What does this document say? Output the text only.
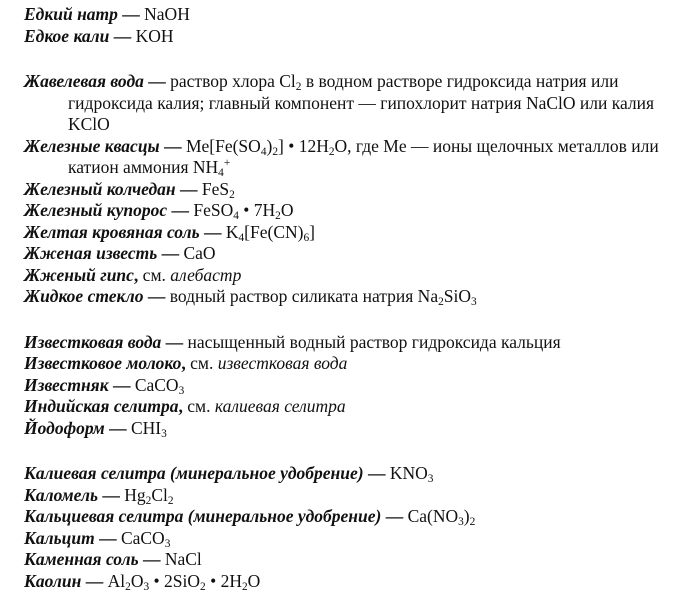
Едкий натр — NaOH
Едкое кали — KOH
Жавелевая вода — раствор хлора $Cl_2$ в водном растворе гидроксида натрия или гидроксида калия; главный компонент — гипохлорит натрия NaClO или калия KClO
Железные квасцы — $Me[Fe(SO_4)_2]$ • $12H_2O$, где Me — ионы щелочных металлов или катион аммония $NH_4^+$
Железный колчедан — FeS$_2$
Железный купорос — FeSO$_4$ • $7H_2O$
Желтая кровяная соль — $K_4[Fe(CN)_6]$
Жженая известь — CaO
Жженый гипс, см. алебастр
Жидкое стекло — водный раствор силиката натрия $Na_2SiO_3$
Известковая вода — насыщенный водный раствор гидроксида кальция
Известковое молоко, см. известковая вода
Известняк — CaCO$_3$
Индийская селитра, см. калиевая селитра
Йодоформ — $CHI_3$
Калиевая селитра (минеральное удобрение) — $KNO_3$
Каломель — $Hg_2Cl_2$
Кальциевая селитра (минеральное удобрение) — $Ca(NO_3)_2$
Кальцит — CaCO$_3$
Каменная соль — NaCl
Каолин — $Al_2O_3$ • 2SiO$_2$ • $2H_2O$
